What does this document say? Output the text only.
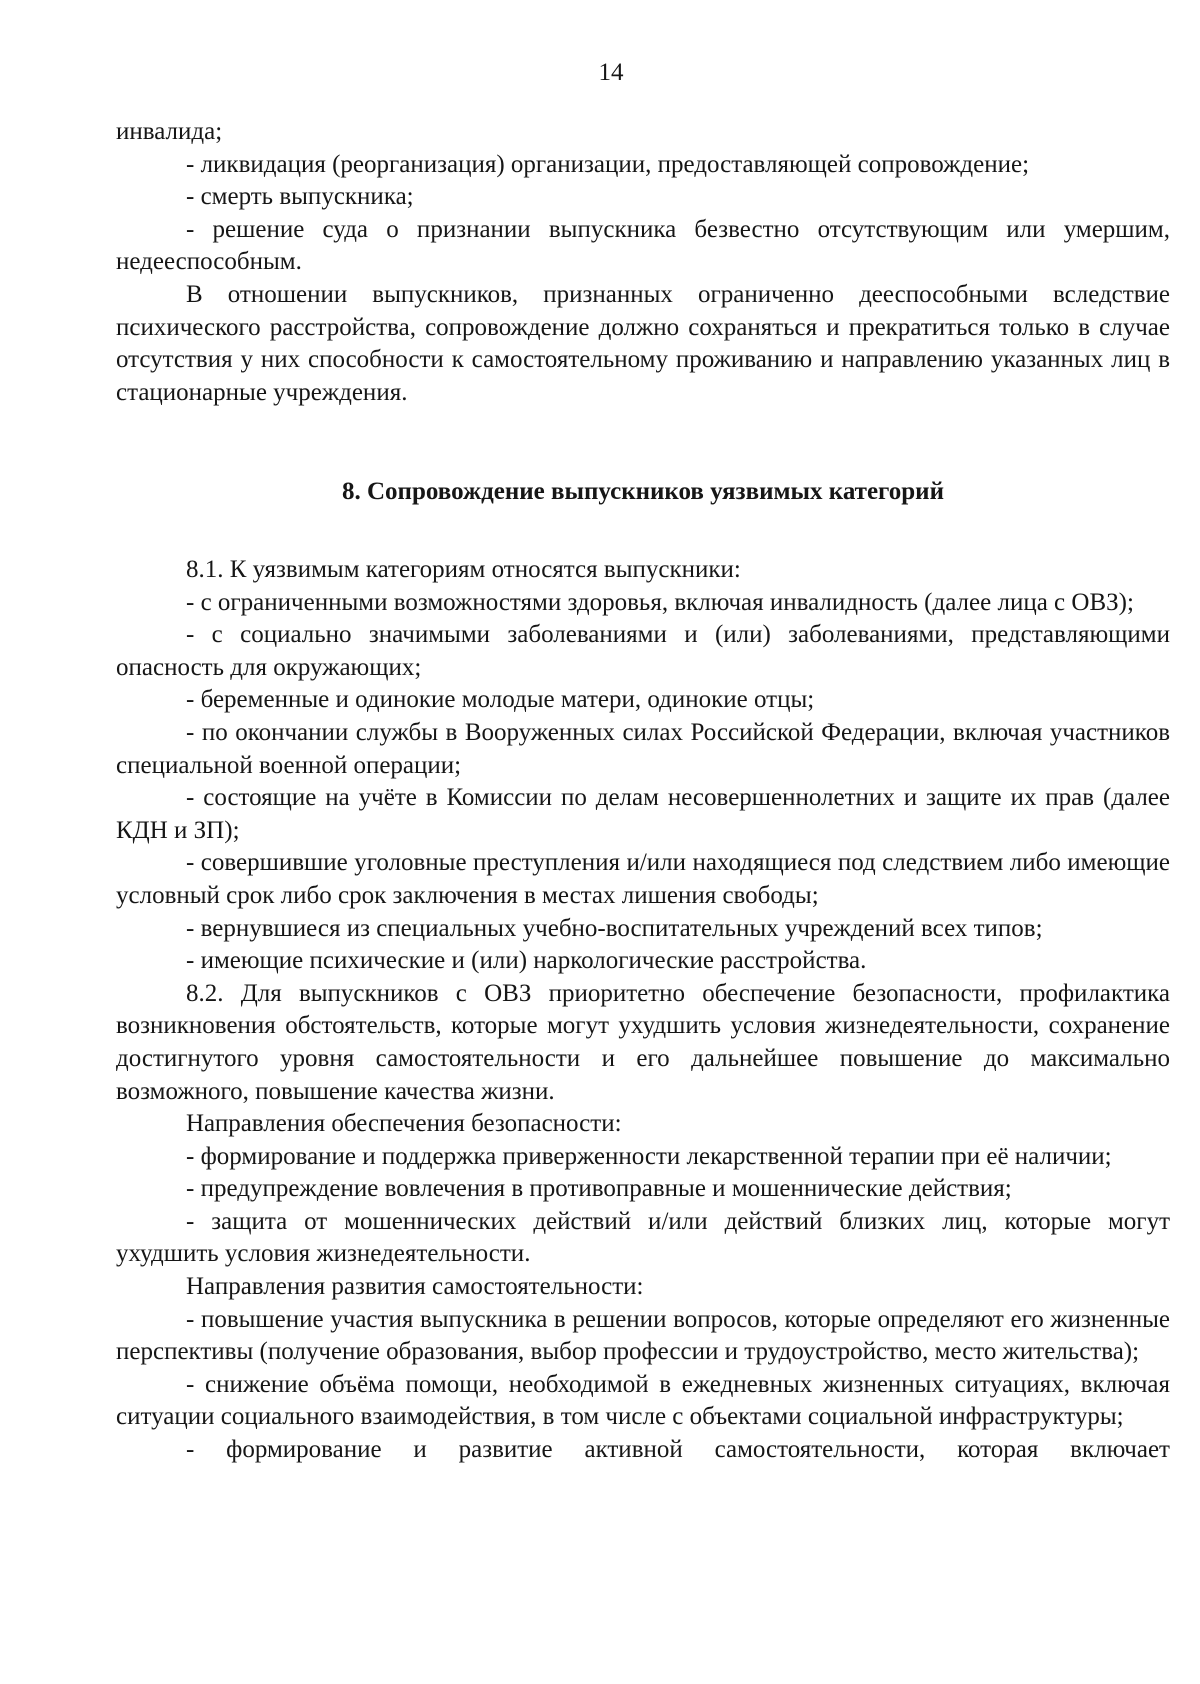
14

инвалида;

- ликвидация (реорганизация) организации, предоставляющей сопровождение;

- смерть выпускника;

- решение суда о признании выпускника безвестно отсутствующим или умершим, недееспособным.

В отношении выпускников, признанных ограниченно дееспособными вследствие психического расстройства, сопровождение должно сохраняться и прекратиться только в случае отсутствия у них способности к самостоятельному проживанию и направлению указанных лиц в стационарные учреждения.

8. Сопровождение выпускников уязвимых категорий

8.1. К уязвимым категориям относятся выпускники:

- с ограниченными возможностями здоровья, включая инвалидность (далее лица с ОВЗ);

- с социально значимыми заболеваниями и (или) заболеваниями, представляющими опасность для окружающих;

- беременные и одинокие молодые матери, одинокие отцы;

- по окончании службы в Вооруженных силах Российской Федерации, включая участников специальной военной операции;

- состоящие на учёте в Комиссии по делам несовершеннолетних и защите их прав (далее КДН и ЗП);

- совершившие уголовные преступления и/или находящиеся под следствием либо имеющие условный срок либо срок заключения в местах лишения свободы;

- вернувшиеся из специальных учебно-воспитательных учреждений всех типов;

- имеющие психические и (или) наркологические расстройства.

8.2. Для выпускников с ОВЗ приоритетно обеспечение безопасности, профилактика возникновения обстоятельств, которые могут ухудшить условия жизнедеятельности, сохранение достигнутого уровня самостоятельности и его дальнейшее повышение до максимально возможного, повышение качества жизни.

Направления обеспечения безопасности:

- формирование и поддержка приверженности лекарственной терапии при её наличии;

- предупреждение вовлечения в противоправные и мошеннические действия;

- защита от мошеннических действий и/или действий близких лиц, которые могут ухудшить условия жизнедеятельности.

Направления развития самостоятельности:

- повышение участия выпускника в решении вопросов, которые определяют его жизненные перспективы (получение образования, выбор профессии и трудоустройство, место жительства);

- снижение объёма помощи, необходимой в ежедневных жизненных ситуациях, включая ситуации социального взаимодействия, в том числе с объектами социальной инфраструктуры;

- формирование и развитие активной самостоятельности, которая включает
